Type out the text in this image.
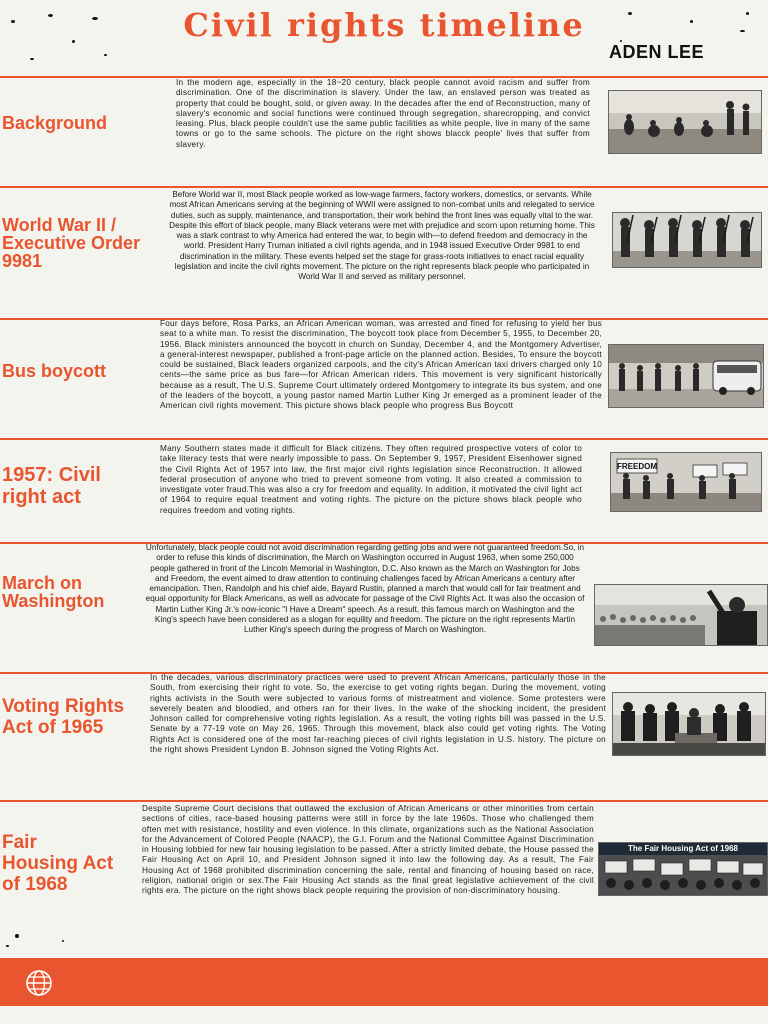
Civil rights timeline
ADEN LEE
Background

In the modern age, especially in the 18~20 century, black people cannot avoid racism and suffer from discrimination. One of the discrimination is slavery. Under the law, an enslaved person was treated as property that could be bought, sold, or given away. In the decades after the end of Reconstruction, many of slavery's economic and social functions were continued through segregation, sharecropping, and convict leasing. Plus, black people couldn't use the same public facilities as white people, live in many of the same towns or go to the same schools. The picture on the right shows blacck people' lives that suffer from slavery.

World War II / Executive Order 9981

Before World war II, most Black people worked as low-wage farmers, factory workers, domestics, or servants. While most African Americans serving at the beginning of WWII were assigned to non-combat units and relegated to service duties, such as supply, maintenance, and transportation, their work behind the front lines was equally vital to the war. Despite this effort of black people, many Black veterans were met with prejudice and scorn upon returning home. This was a stark contrast to why America had entered the war, to begin with—to defend freedom and democracy in the world. President Harry Truman initiated a civil rights agenda, and in 1948 issued Executive Order 9981 to end discrimination in the military. These events helped set the stage for grass-roots initiatives to enact racial equality legislation and incite the civil rights movement. The picture on the right represents black people who participated in World War II and served as military personnel.

Bus boycott

Four days before, Rosa Parks, an African American woman, was arrested and fined for refusing to yield her bus seat to a white man. To resist the discrimination, The boycott took place from December 5, 1955, to December 20, 1956. Black ministers announced the boycott in church on Sunday, December 4, and the Montgomery Advertiser, a general-interest newspaper, published a front-page article on the planned action. Besides, To ensure the boycott could be sustained, Black leaders organized carpools, and the city's African American taxi drivers charged only 10 cents—the same price as bus fare—for African American riders. This movement is very significant historically because as a result, The U.S. Supreme Court ultimately ordered Montgomery to integrate its bus system, and one of the leaders of the boycott, a young pastor named Martin Luther King Jr emerged as a prominent leader of the American civil rights movement. This picture shows black people who progress Bus Boycott

1957: Civil right act

Many Southern states made it difficult for Black citizens. They often required prospective voters of color to take literacy tests that were nearly impossible to pass. On September 9, 1957, President Eisenhower signed the Civil Rights Act of 1957 into law, the first major civil rights legislation since Reconstruction. It allowed federal prosecution of anyone who tried to prevent someone from voting. It also created a commission to investigate voter fraud.This was also a cry for freedom and equality. In addition, it motivated the civil light act of 1964 to require equal treatment and voting rights. The picture on the picture shows black people who requires freedom and voting rights.

FREEDOM
March on Washington

Unfortunately, black people could not avoid discrimination regarding getting jobs and were not guaranteed freedom.So, in order to refuse this kinds of discrimination, the March on Washington occurred in August 1963, when some 250,000 people gathered in front of the Lincoln Memorial in Washington, D.C. Also known as the March on Washington for Jobs and Freedom, the event aimed to draw attention to continuing challenges faced by African Americans a century after emancipation. Then, Randolph and his chief aide, Bayard Rustin, planned a march that would call for fair treatment and equal opportunity for Black Americans, as well as advocate for passage of the Civil Rights Act. It was also the occasion of Martin Luther King Jr.'s now-iconic "I Have a Dream" speech. As a result, this famous march on Washington and the King's speech have been considered as a slogan for equility and freedom. The picture on the right represents Martin Luther King's speech during the progress of March on Washington.

Voting Rights Act of 1965

In the decades, various discriminatory practices were used to prevent African Americans, particularly those in the South, from exercising their right to vote. So, the exercise to get voting rights began. During the movement, voting rights activists in the South were subjected to various forms of mistreatment and violence. Some protesters were severely beaten and bloodied, and others ran for their lives. In the wake of the shocking incident, the president Johnson called for comprehensive voting rights legislation. As a result, the voting rights bill was passed in the U.S. Senate by a 77-19 vote on May 26, 1965. Through this movement, black also could get voting rights. The Voting Rights Act is considered one of the most far-reaching pieces of civil rights legislation in U.S. history. The picture on the right shows President Lyndon B. Johnson signed the Voting Rights Act.

Fair Housing Act of 1968

Despite Supreme Court decisions that outlawed the exclusion of African Americans or other minorities from certain sections of cities, race-based housing patterns were still in force by the late 1960s. Those who challenged them often met with resistance, hostility and even violence. In this climate, organizations such as the National Association for the Advancement of Colored People (NAACP), the G.I. Forum and the National Committee Against Discrimination in Housing lobbied for new fair housing legislation to be passed. After a strictly limited debate, the House passed the Fair Housing Act on April 10, and President Johnson signed it into law the following day. As a result, The Fair Housing Act of 1968 prohibited discrimination concerning the sale, rental and financing of housing based on race, religion, national origin or sex.The Fair Housing Act stands as the final great legislative achievement of the civil rights era. The picture on the right shows black people requiring the provision of non-discriminatory housing.

The Fair Housing Act of 1968
